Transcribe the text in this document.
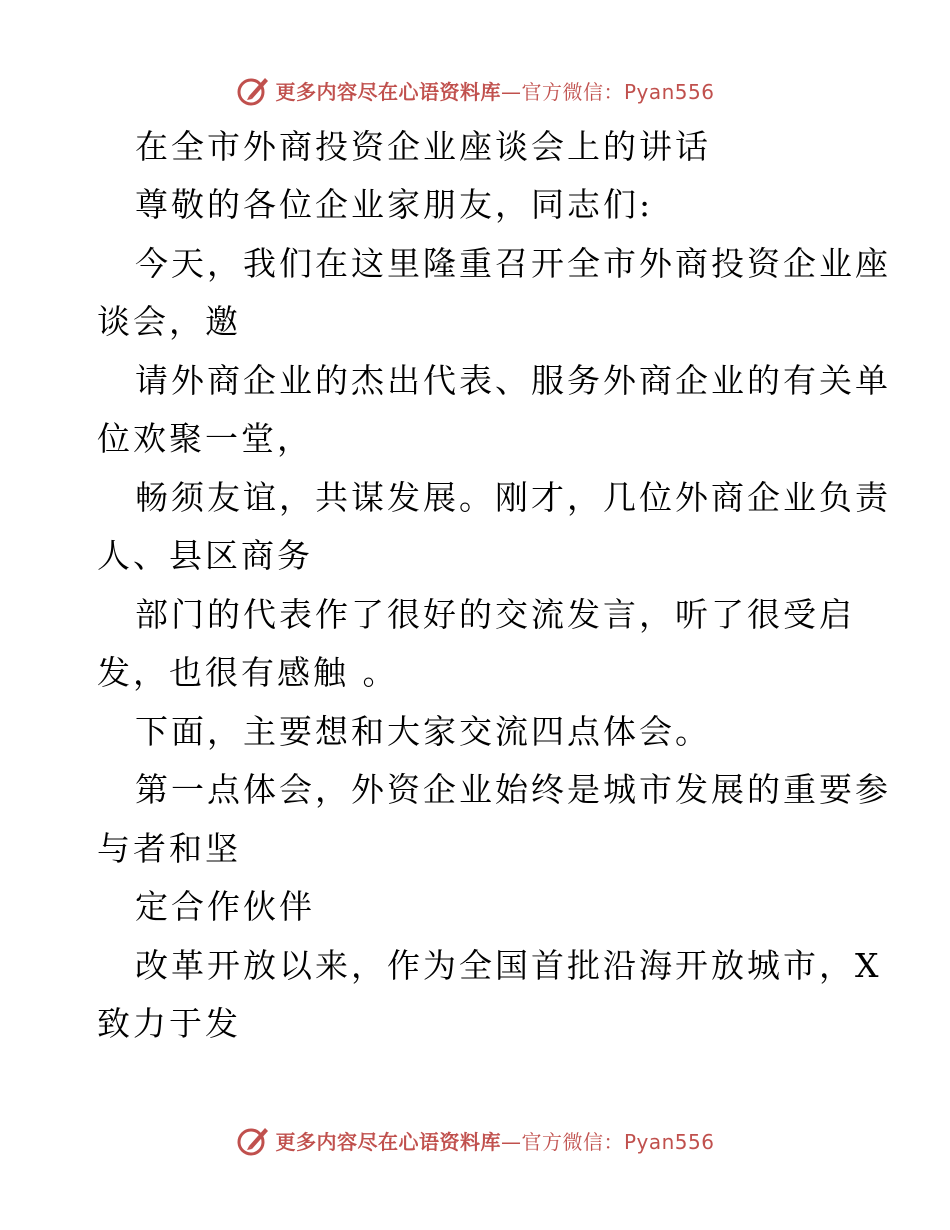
更多内容尽在心语资料库—官方微信：Pyan556
在全市外商投资企业座谈会上的讲话
尊敬的各位企业家朋友，同志们:
今天，我们在这里隆重召开全市外商投资企业座
谈会，邀
请外商企业的杰出代表、服务外商企业的有关单
位欢聚一堂，
畅须友谊，共谋发展。刚才，几位外商企业负责
人、县区商务
部门的代表作了很好的交流发言，听了很受启
发，也很有感触 。
下面，主要想和大家交流四点体会。
第一点体会，外资企业始终是城市发展的重要参
与者和坚
定合作伙伴
改革开放以来，作为全国首批沿海开放城市，X
致力于发
更多内容尽在心语资料库—官方微信：Pyan556
